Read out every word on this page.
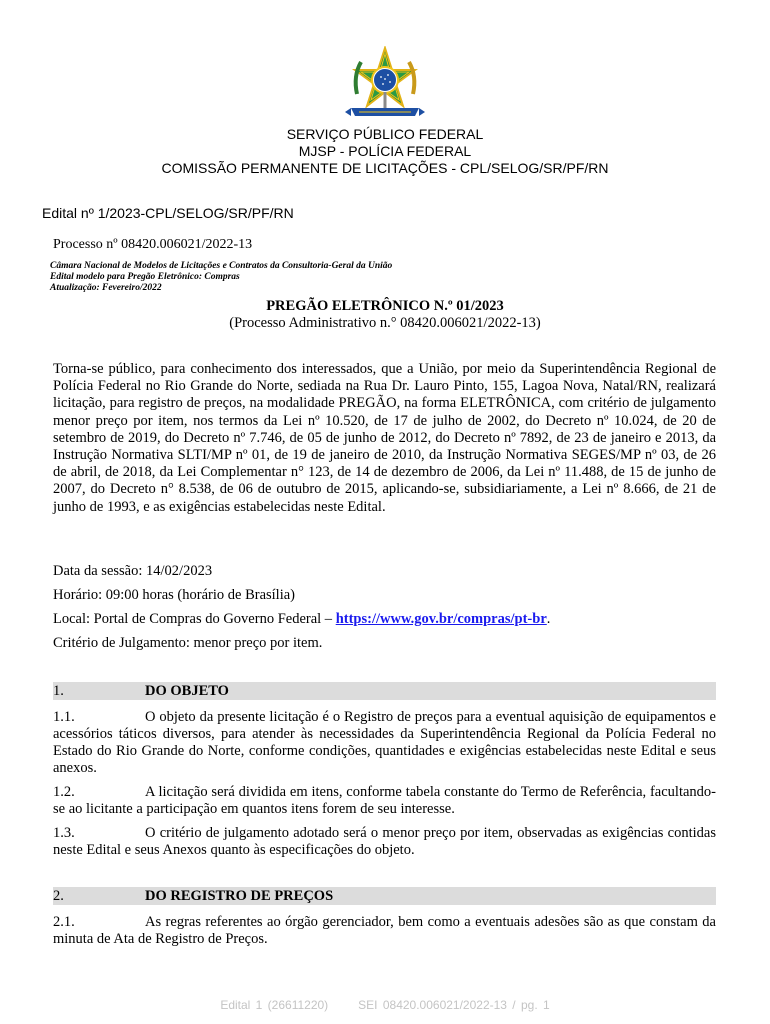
SERVIÇO PÚBLICO FEDERAL
MJSP - POLÍCIA FEDERAL
COMISSÃO PERMANENTE DE LICITAÇÕES - CPL/SELOG/SR/PF/RN
Edital nº 1/2023-CPL/SELOG/SR/PF/RN
Processo nº 08420.006021/2022-13
Câmara Nacional de Modelos de Licitações e Contratos da Consultoria-Geral da União
Edital modelo para Pregão Eletrônico: Compras
Atualização: Fevereiro/2022
PREGÃO ELETRÔNICO N.º 01/2023
(Processo Administrativo n.° 08420.006021/2022-13)
Torna-se público, para conhecimento dos interessados, que a União, por meio da Superintendência Regional de Polícia Federal no Rio Grande do Norte, sediada na Rua Dr. Lauro Pinto, 155, Lagoa Nova, Natal/RN, realizará licitação, para registro de preços, na modalidade PREGÃO, na forma ELETRÔNICA, com critério de julgamento menor preço por item, nos termos da Lei nº 10.520, de 17 de julho de 2002, do Decreto nº 10.024, de 20 de setembro de 2019, do Decreto nº 7.746, de 05 de junho de 2012, do Decreto nº 7892, de 23 de janeiro e 2013, da Instrução Normativa SLTI/MP nº 01, de 19 de janeiro de 2010, da Instrução Normativa SEGES/MP nº 03, de 26 de abril, de 2018, da Lei Complementar n° 123, de 14 de dezembro de 2006, da Lei nº 11.488, de 15 de junho de 2007, do Decreto n° 8.538, de 06 de outubro de 2015, aplicando-se, subsidiariamente, a Lei nº 8.666, de 21 de junho de 1993, e as exigências estabelecidas neste Edital.
Data da sessão: 14/02/2023
Horário: 09:00 horas (horário de Brasília)
Local: Portal de Compras do Governo Federal – https://www.gov.br/compras/pt-br.
Critério de Julgamento: menor preço por item.
1.	DO OBJETO
1.1.	O objeto da presente licitação é o Registro de preços para a eventual aquisição de equipamentos e acessórios táticos diversos, para atender às necessidades da Superintendência Regional da Polícia Federal no Estado do Rio Grande do Norte, conforme condições, quantidades e exigências estabelecidas neste Edital e seus anexos.
1.2.	A licitação será dividida em itens, conforme tabela constante do Termo de Referência, facultando-se ao licitante a participação em quantos itens forem de seu interesse.
1.3.	O critério de julgamento adotado será o menor preço por item, observadas as exigências contidas neste Edital e seus Anexos quanto às especificações do objeto.
2.	DO REGISTRO DE PREÇOS
2.1.	As regras referentes ao órgão gerenciador, bem como a eventuais adesões são as que constam da minuta de Ata de Registro de Preços.
Edital 1 (26611220)	SEI 08420.006021/2022-13 / pg. 1
